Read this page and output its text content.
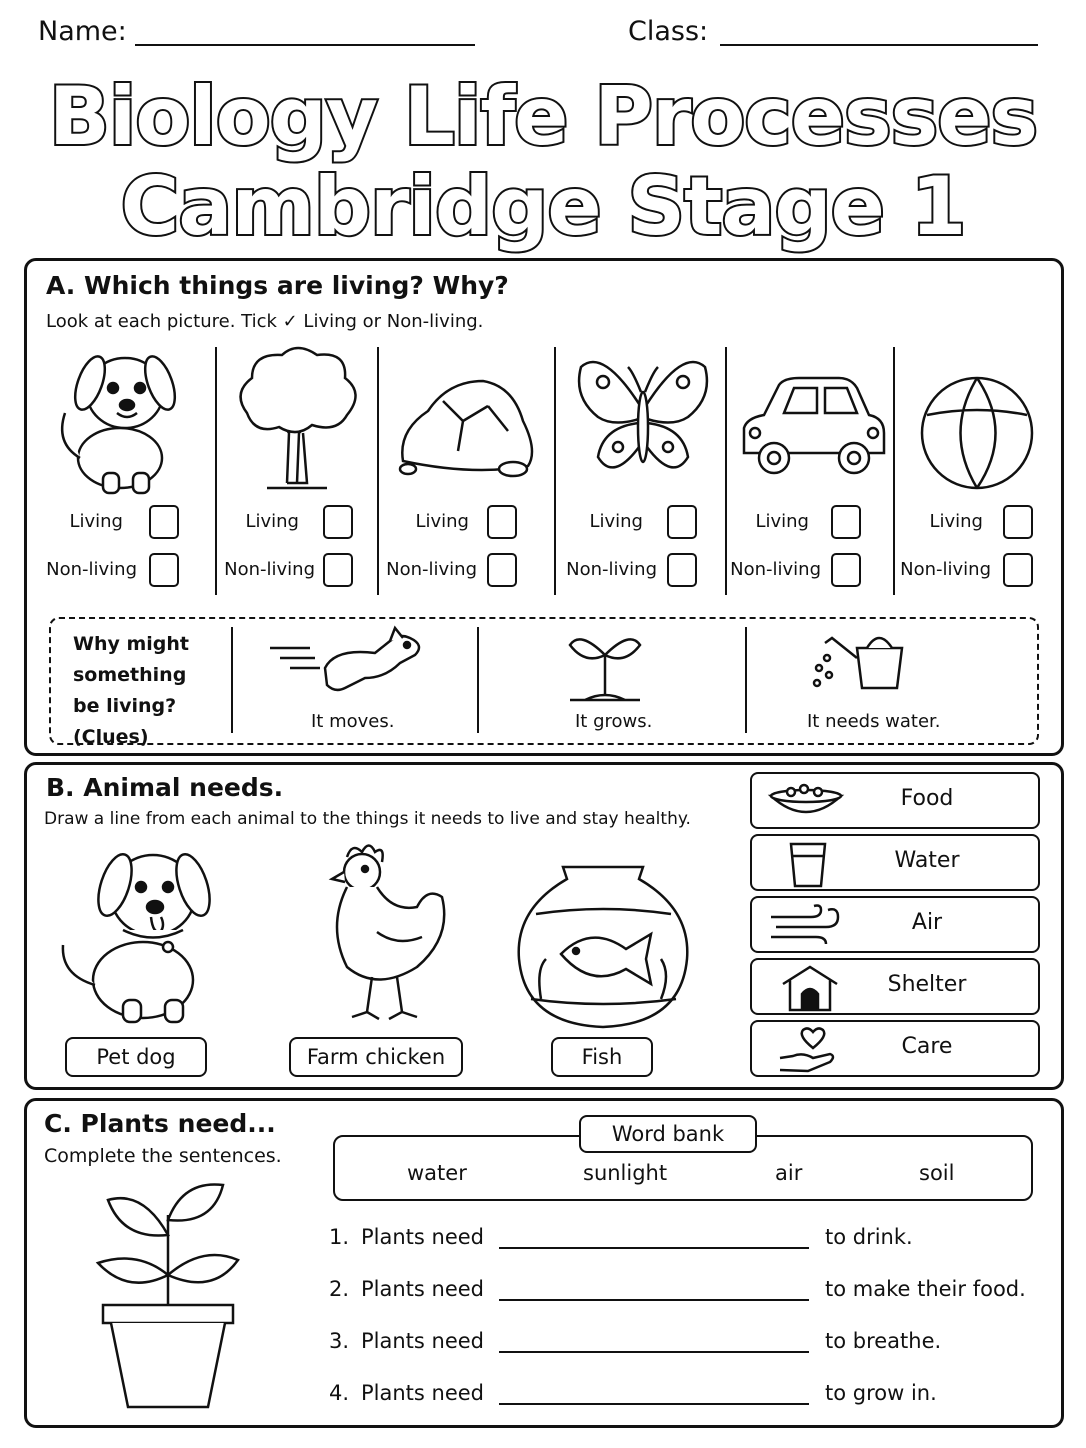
Name:	Class:
Biology Life Processes
Cambridge Stage 1
A. Which things are living? Why?
Look at each picture. Tick ✓ Living or Non-living.
Living
Non-living
Living
Non-living
Living
Non-living
Living
Non-living
Living
Non-living
Living
Non-living
Why might something be living? (Clues)
It moves.	It grows.	It needs water.
B. Animal needs.
Draw a line from each animal to the things it needs to live and stay healthy.
Pet dog	Farm chicken	Fish
Food
Water
Air
Shelter
Care
C. Plants need...
Complete the sentences.
Word bank
water	sunlight	air	soil
1. Plants need	to drink.
2. Plants need	to make their food.
3. Plants need	to breathe.
4. Plants need	to grow in.
